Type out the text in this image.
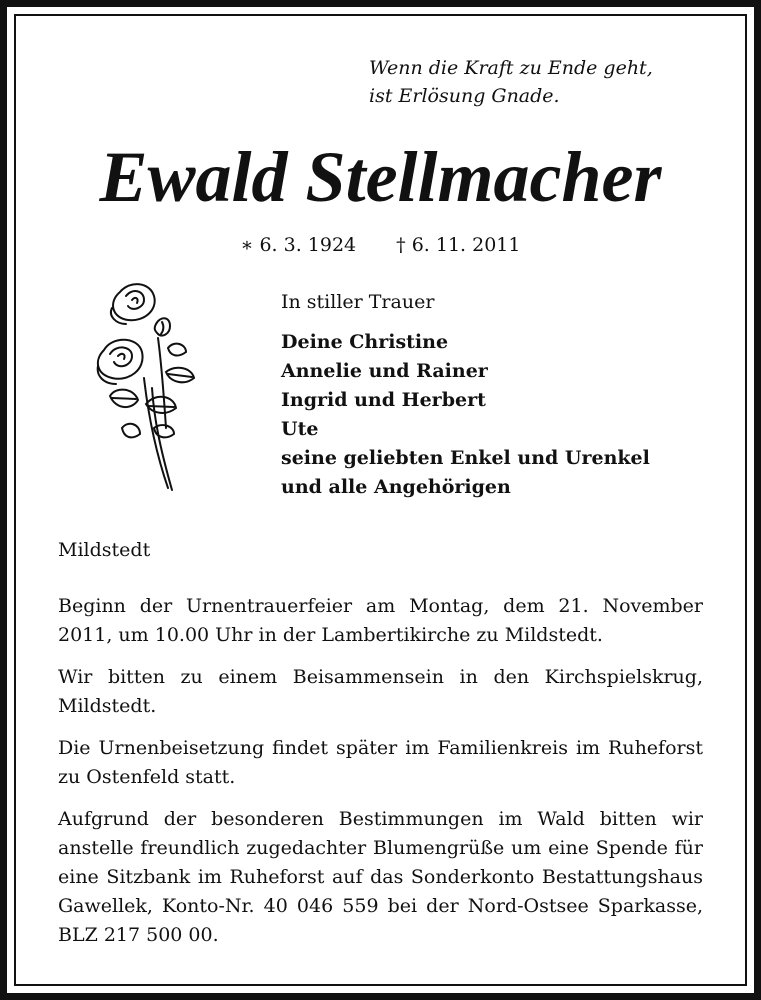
Wenn die Kraft zu Ende geht,
ist Erlösung Gnade.
Ewald Stellmacher
∗ 6. 3. 1924 † 6. 11. 2011
In stiller Trauer
Deine Christine
Annelie und Rainer
Ingrid und Herbert
Ute
seine geliebten Enkel und Urenkel
und alle Angehörigen
Mildstedt

Beginn der Urnentrauerfeier am Montag, dem 21. November 2011, um 10.00 Uhr in der Lambertikirche zu Mildstedt.

Wir bitten zu einem Beisammensein in den Kirchspielskrug, Mildstedt.

Die Urnenbeisetzung findet später im Familienkreis im Ruheforst zu Ostenfeld statt.

Aufgrund der besonderen Bestimmungen im Wald bitten wir anstelle freundlich zugedachter Blumengrüße um eine Spende für eine Sitzbank im Ruheforst auf das Sonderkonto Bestattungshaus Gawellek, Konto-Nr. 40 046 559 bei der Nord-Ostsee Sparkasse, BLZ 217 500 00.
